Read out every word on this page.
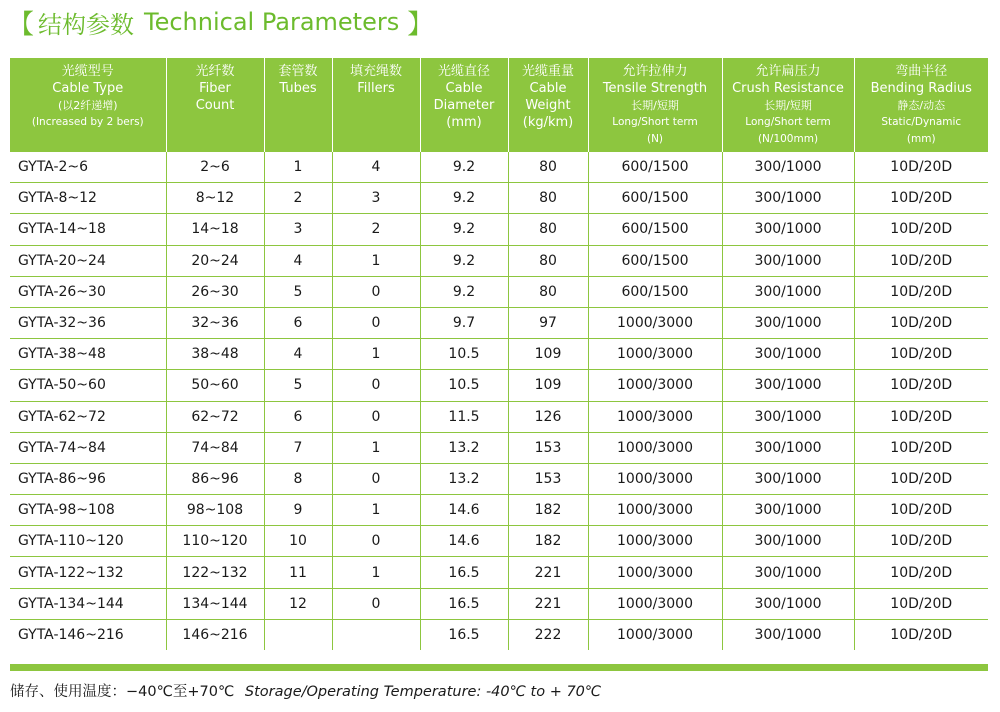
【 结构参数 Technical Parameters 】
光缆型号
Cable Type
(以2纤递增)
(Increased by 2 bers)	光纤数
Fiber
Count	套管数
Tubes	填充绳数
Fillers	光缆直径
Cable
Diameter
(mm)	光缆重量
Cable
Weight
(kg/km)	允许拉伸力
Tensile Strength
长期/短期
Long/Short term
(N)	允许扁压力
Crush Resistance
长期/短期
Long/Short term
(N/100mm)	弯曲半径
Bending Radius
静态/动态
Static/Dynamic
(mm)

GYTA-2~6	2~6	1	4	9.2	80	600/1500	300/1000	10D/20D
GYTA-8~12	8~12	2	3	9.2	80	600/1500	300/1000	10D/20D
GYTA-14~18	14~18	3	2	9.2	80	600/1500	300/1000	10D/20D
GYTA-20~24	20~24	4	1	9.2	80	600/1500	300/1000	10D/20D
GYTA-26~30	26~30	5	0	9.2	80	600/1500	300/1000	10D/20D
GYTA-32~36	32~36	6	0	9.7	97	1000/3000	300/1000	10D/20D
GYTA-38~48	38~48	4	1	10.5	109	1000/3000	300/1000	10D/20D
GYTA-50~60	50~60	5	0	10.5	109	1000/3000	300/1000	10D/20D
GYTA-62~72	62~72	6	0	11.5	126	1000/3000	300/1000	10D/20D
GYTA-74~84	74~84	7	1	13.2	153	1000/3000	300/1000	10D/20D
GYTA-86~96	86~96	8	0	13.2	153	1000/3000	300/1000	10D/20D
GYTA-98~108	98~108	9	1	14.6	182	1000/3000	300/1000	10D/20D
GYTA-110~120	110~120	10	0	14.6	182	1000/3000	300/1000	10D/20D
GYTA-122~132	122~132	11	1	16.5	221	1000/3000	300/1000	10D/20D
GYTA-134~144	134~144	12	0	16.5	221	1000/3000	300/1000	10D/20D
GYTA-146~216	146~216			16.5	222	1000/3000	300/1000	10D/20D
储存、使用温度：−40℃至+70℃ Storage/Operating Temperature: -40℃ to + 70℃
